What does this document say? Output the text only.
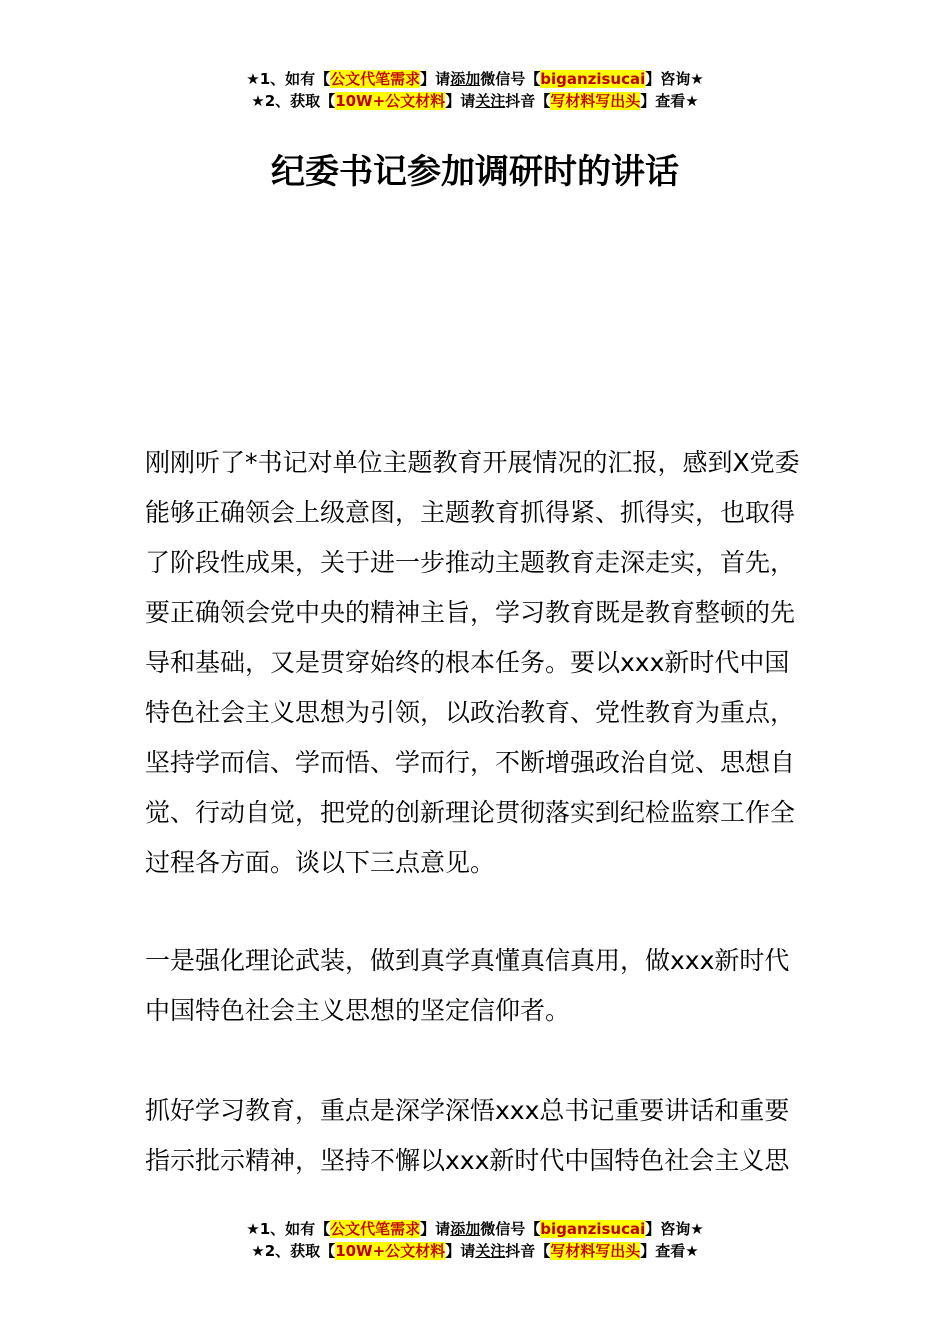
★1、如有【公文代笔需求】请添加微信号【biganzisucai】咨询★
★2、获取【10W+公文材料】请关注抖音【写材料写出头】查看★
纪委书记参加调研时的讲话

刚刚听了*书记对单位主题教育开展情况的汇报，感到X党委能够正确领会上级意图，主题教育抓得紧、抓得实，也取得了阶段性成果，关于进一步推动主题教育走深走实，首先，要正确领会党中央的精神主旨，学习教育既是教育整顿的先导和基础，又是贯穿始终的根本任务。要以xxx新时代中国特色社会主义思想为引领，以政治教育、党性教育为重点，坚持学而信、学而悟、学而行，不断增强政治自觉、思想自觉、行动自觉，把党的创新理论贯彻落实到纪检监察工作全过程各方面。谈以下三点意见。

一是强化理论武装，做到真学真懂真信真用，做xxx新时代中国特色社会主义思想的坚定信仰者。

抓好学习教育，重点是深学深悟xxx总书记重要讲话和重要指示批示精神，坚持不懈以xxx新时代中国特色社会主义思

★1、如有【公文代笔需求】请添加微信号【biganzisucai】咨询★
★2、获取【10W+公文材料】请关注抖音【写材料写出头】查看★
